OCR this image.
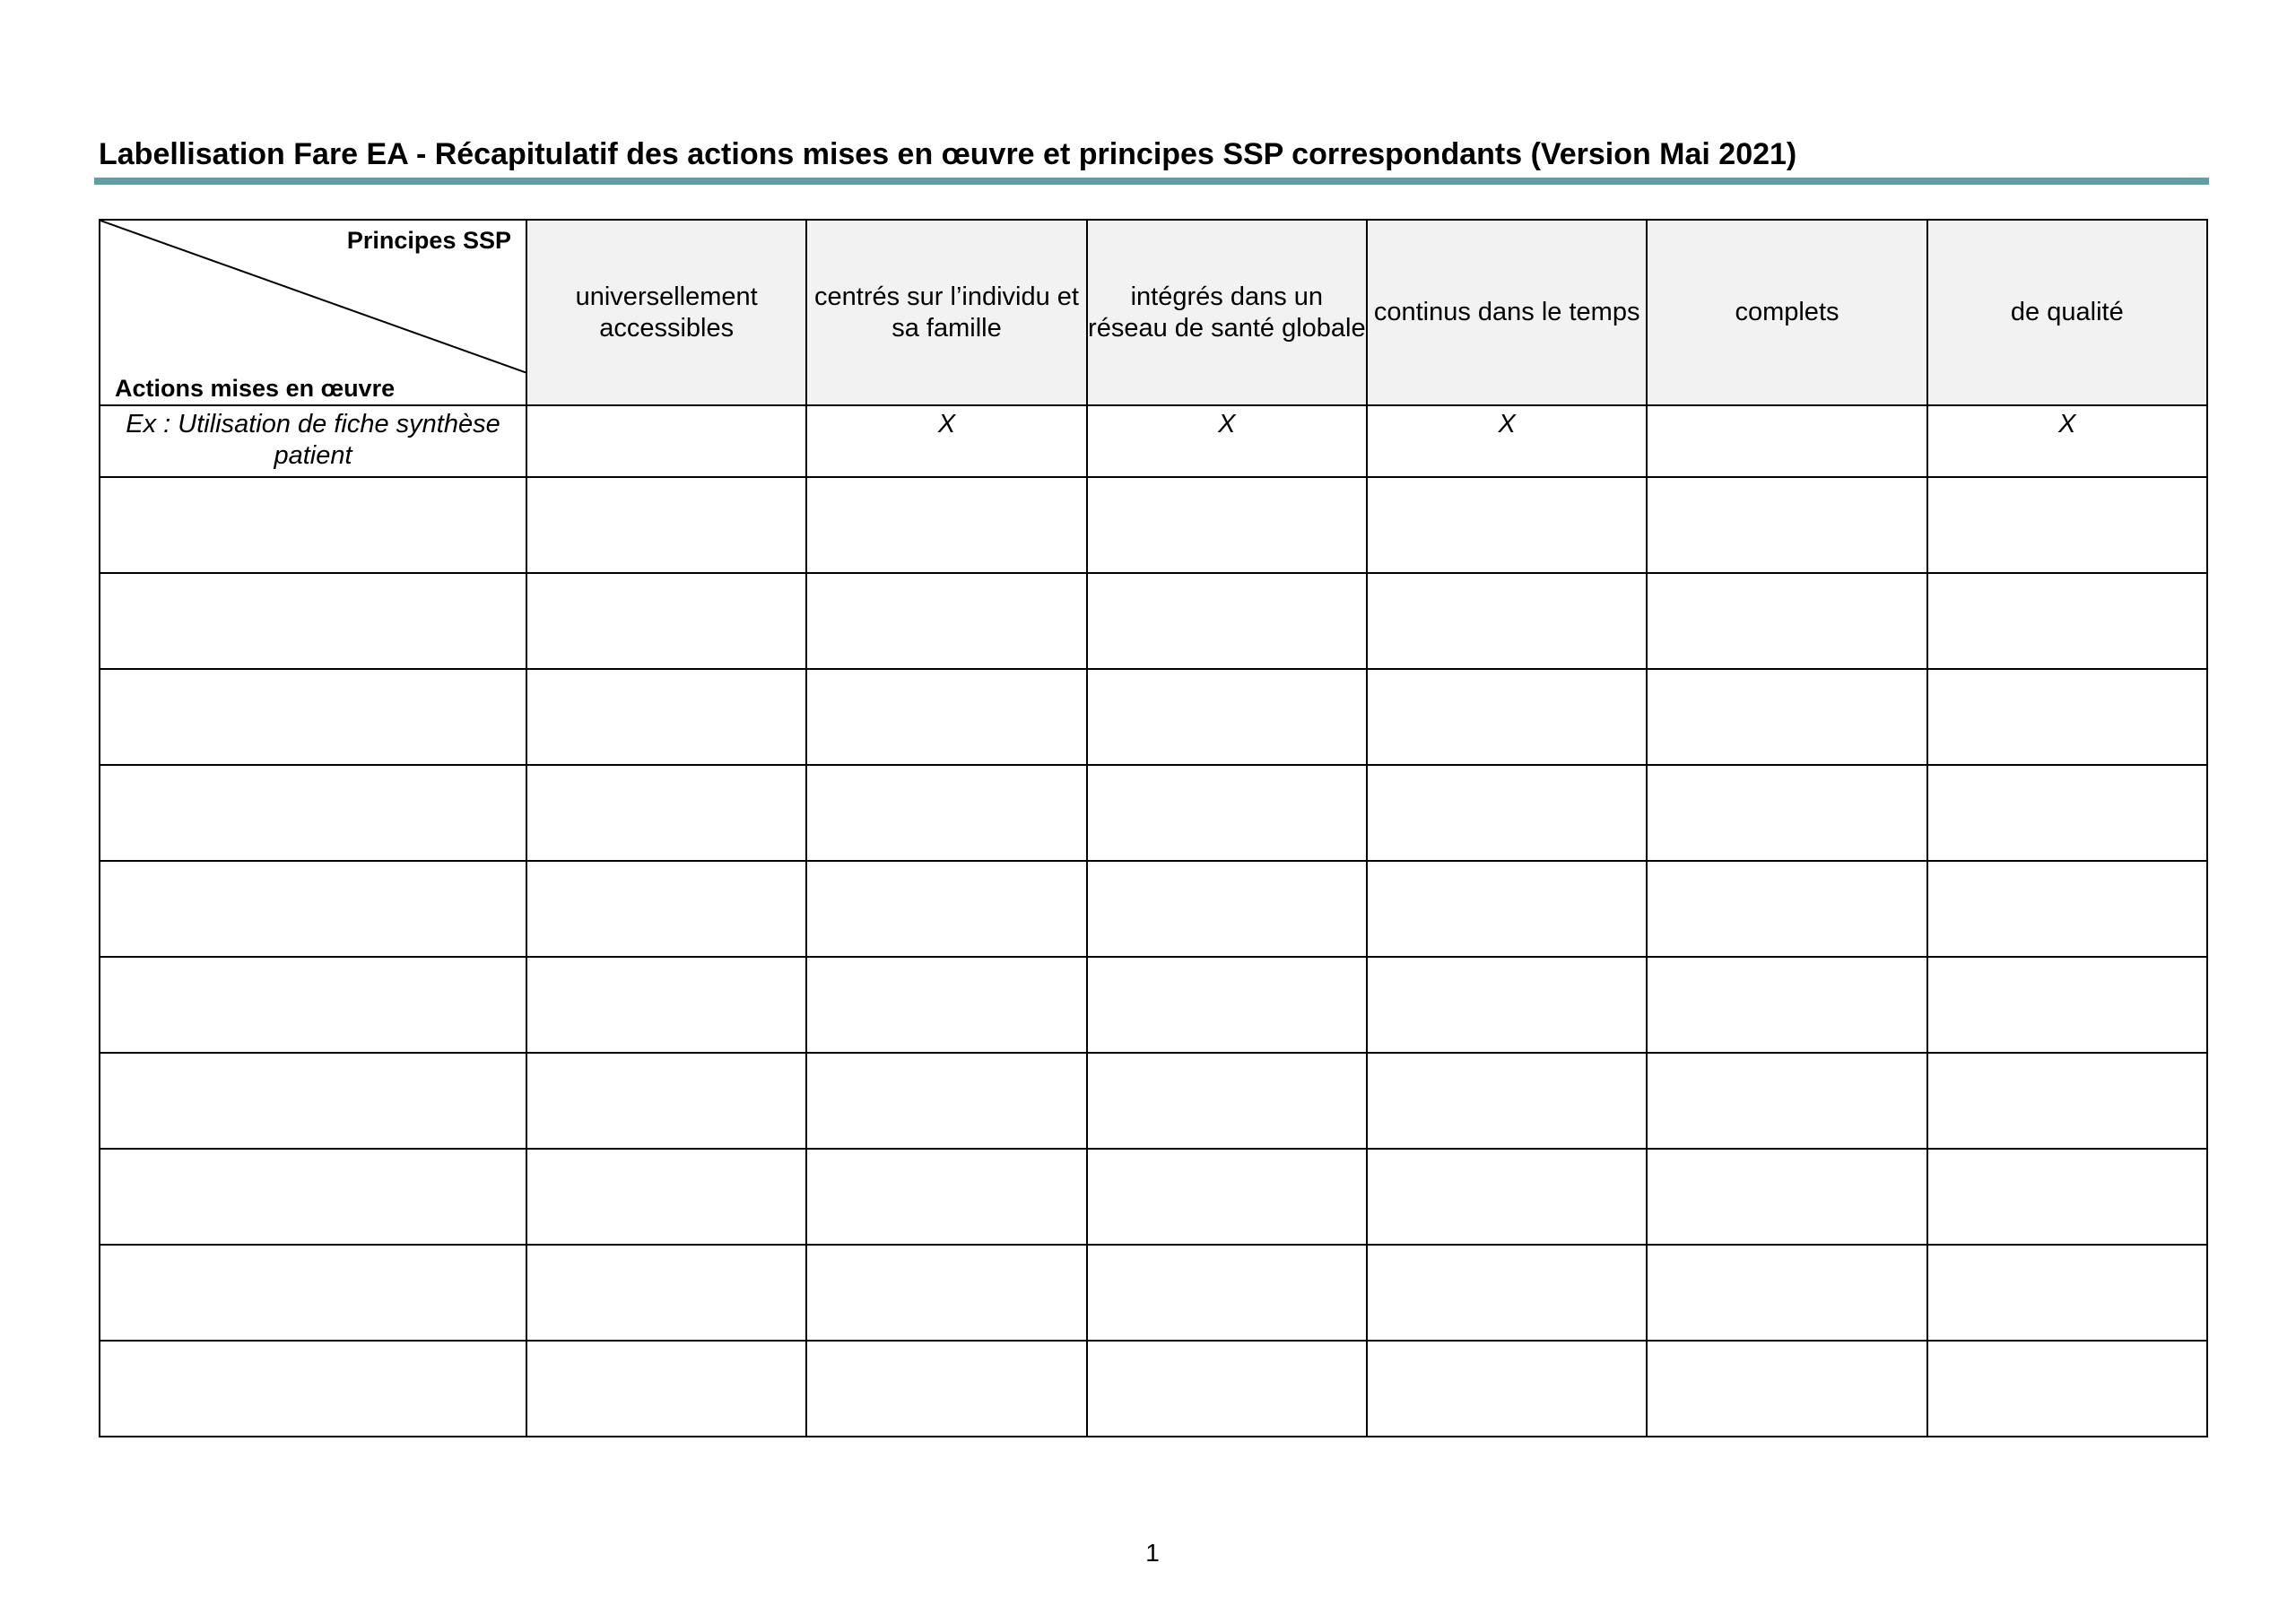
Labellisation Fare EA - Récapitulatif des actions mises en œuvre et principes SSP correspondants (Version Mai 2021)
Principes SSP
Actions mises en œuvre	universellement accessibles	centrés sur l’individu et sa famille	intégrés dans un réseau de santé globale	continus dans le temps	complets	de qualité
Ex : Utilisation de fiche synthèse patient		X	X	X		X

1
